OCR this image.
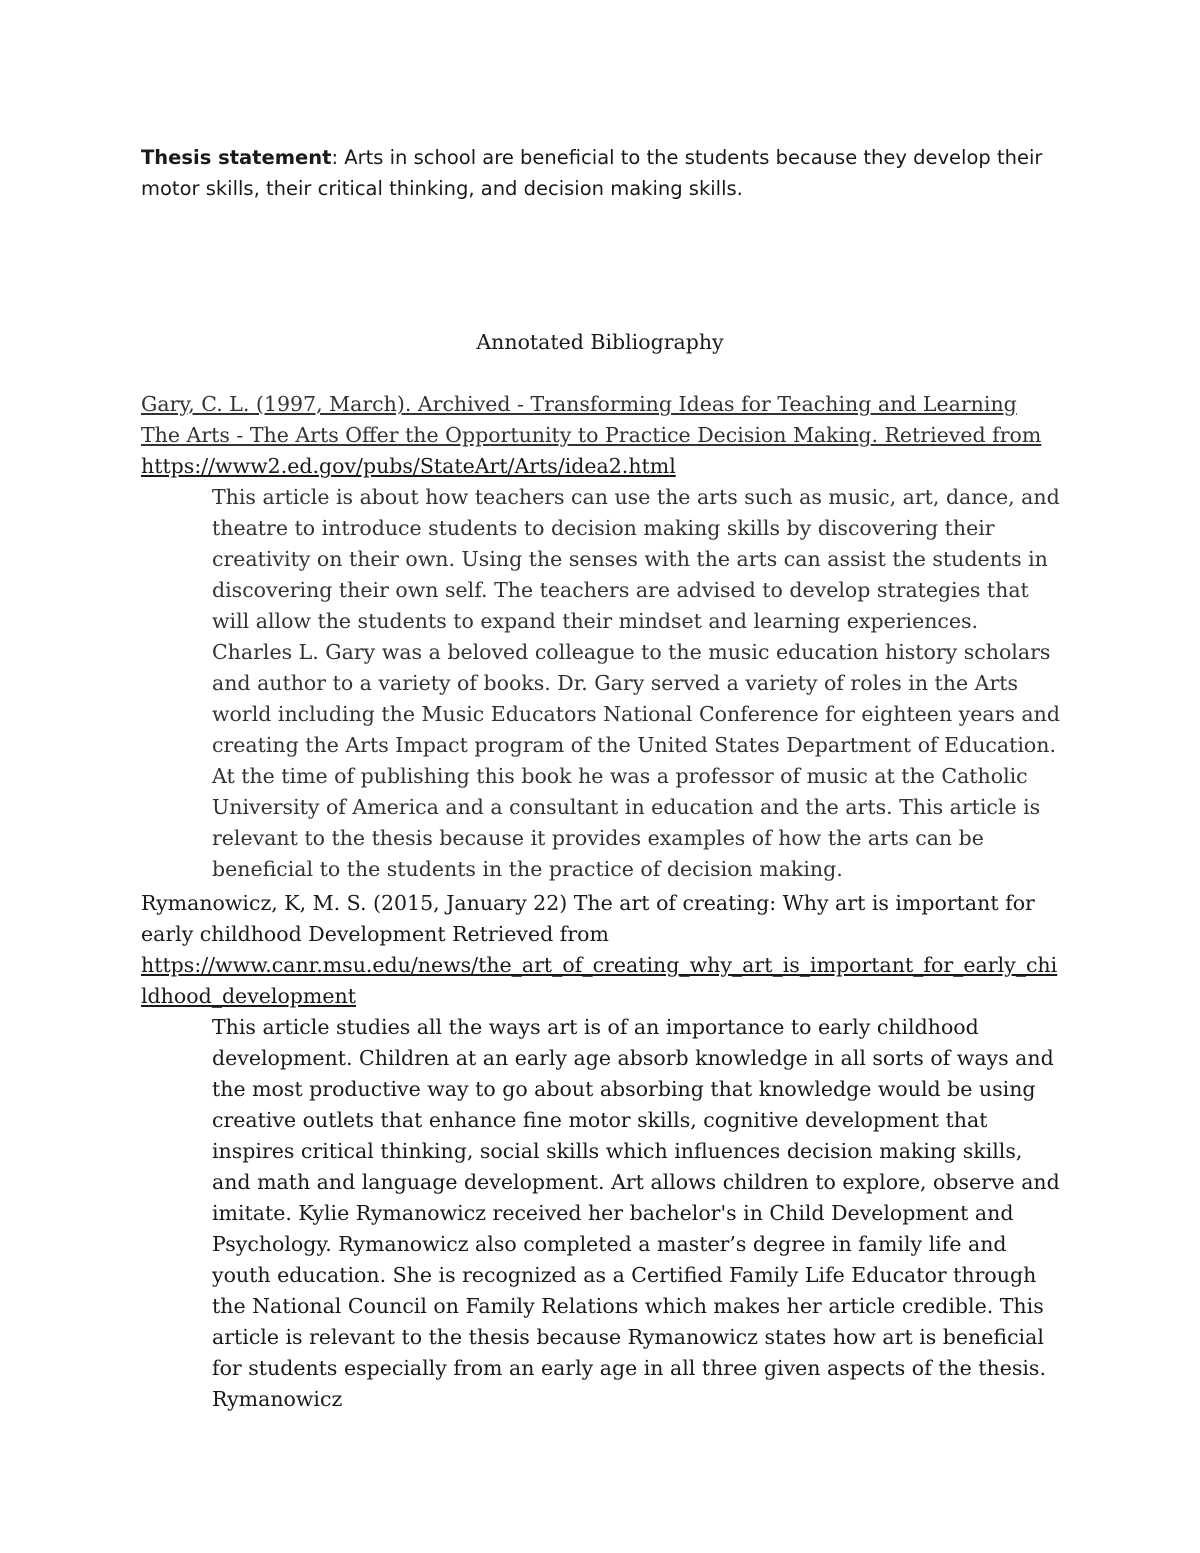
Thesis statement: Arts in school are beneficial to the students because they develop their motor skills, their critical thinking, and decision making skills.

Annotated Bibliography

Gary, C. L. (1997, March). Archived - Transforming Ideas for Teaching and Learning The Arts - The Arts Offer the Opportunity to Practice Decision Making. Retrieved from
https://www2.ed.gov/pubs/StateArt/Arts/idea2.html

This article is about how teachers can use the arts such as music, art, dance, and theatre to introduce students to decision making skills by discovering their creativity on their own. Using the senses with the arts can assist the students in discovering their own self. The teachers are advised to develop strategies that will allow the students to expand their mindset and learning experiences. Charles L. Gary was a beloved colleague to the music education history scholars and author to a variety of books. Dr. Gary served a variety of roles in the Arts world including the Music Educators National Conference for eighteen years and creating the Arts Impact program of the United States Department of Education. At the time of publishing this book he was a professor of music at the Catholic University of America and a consultant in education and the arts. This article is relevant to the thesis because it provides examples of how the arts can be beneficial to the students in the practice of decision making.

Rymanowicz, K, M. S. (2015, January 22) The art of creating: Why art is important for early childhood Development Retrieved from
https://www.canr.msu.edu/news/the_art_of_creating_why_art_is_important_for_early_childhood_development

This article studies all the ways art is of an importance to early childhood development. Children at an early age absorb knowledge in all sorts of ways and the most productive way to go about absorbing that knowledge would be using creative outlets that enhance fine motor skills, cognitive development that inspires critical thinking, social skills which influences decision making skills, and math and language development. Art allows children to explore, observe and imitate. Kylie Rymanowicz received her bachelor's in Child Development and Psychology. Rymanowicz also completed a master’s degree in family life and youth education. She is recognized as a Certified Family Life Educator through the National Council on Family Relations which makes her article credible. This article is relevant to the thesis because Rymanowicz states how art is beneficial for students especially from an early age in all three given aspects of the thesis. Rymanowicz
